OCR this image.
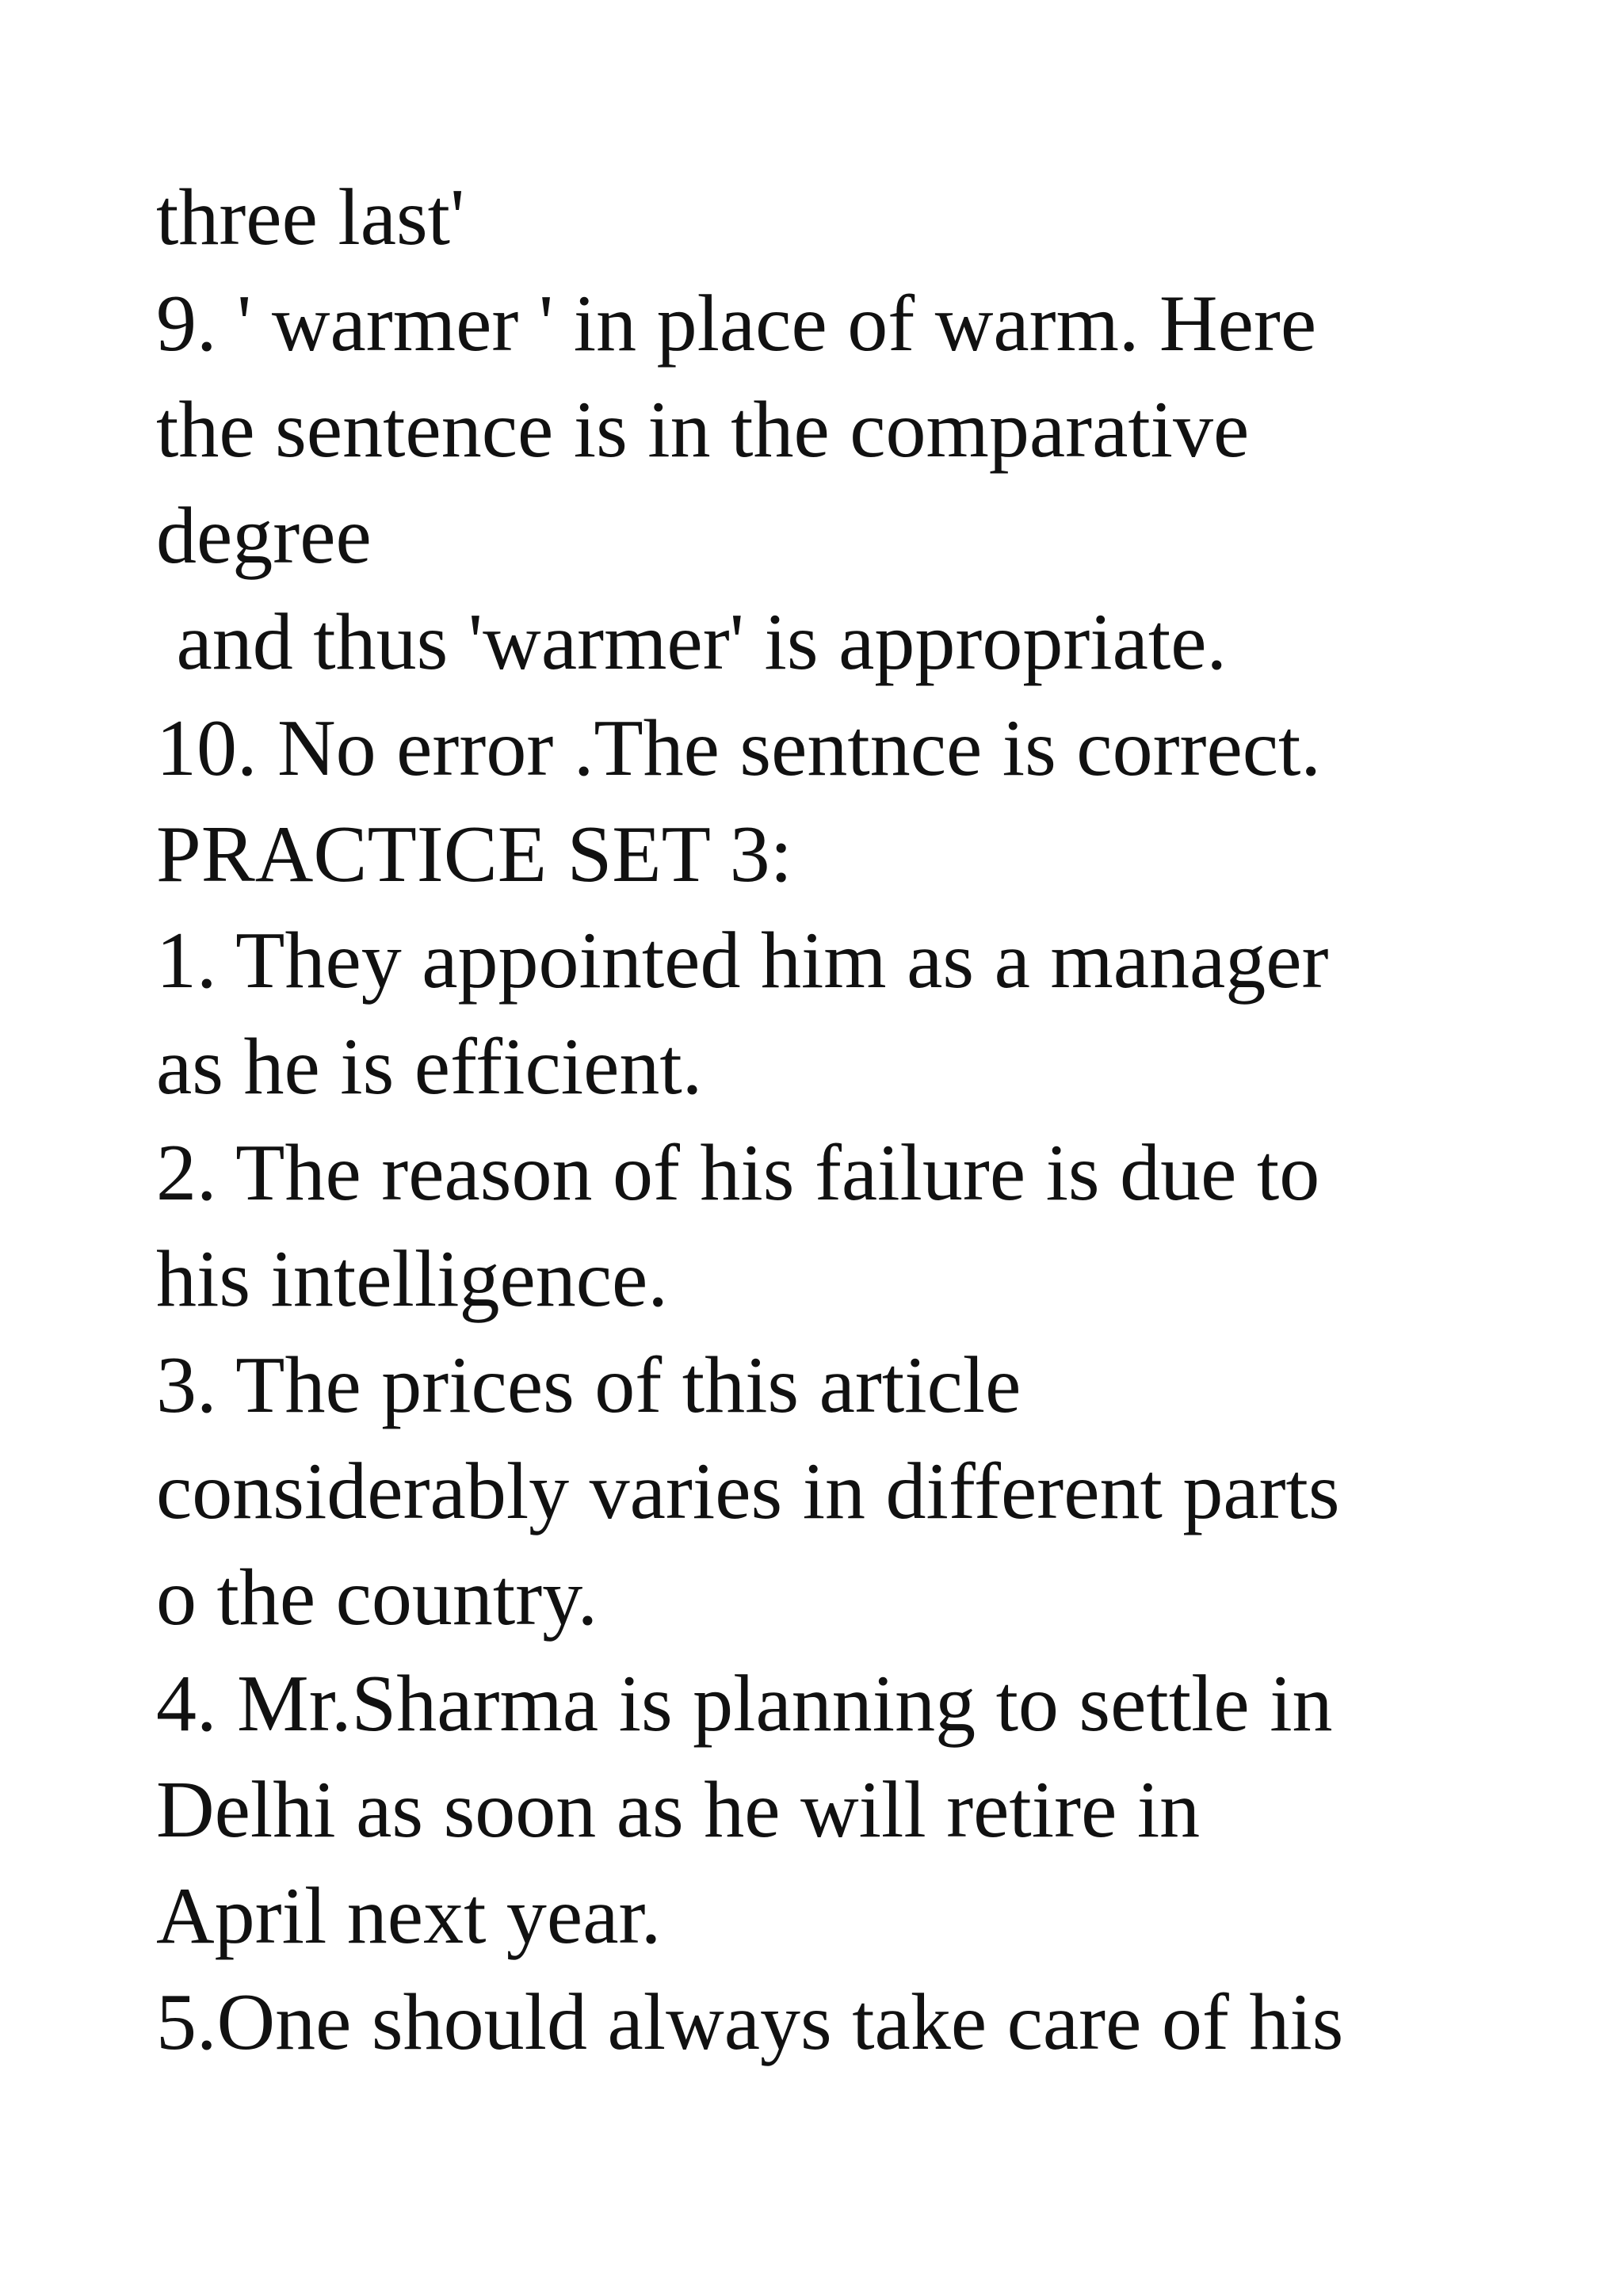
three last'
9. ' warmer ' in place of warm. Here
the sentence is in the comparative
degree
and thus 'warmer' is appropriate.
10. No error .The sentnce is correct.
PRACTICE SET 3:
1. They appointed him as a manager
as he is efficient.
2. The reason of his failure is due to
his intelligence.
3. The prices of this article
considerably varies in different parts
o the country.
4. Mr.Sharma is planning to settle in
Delhi as soon as he will retire in
April next year.
5.One should always take care of his
